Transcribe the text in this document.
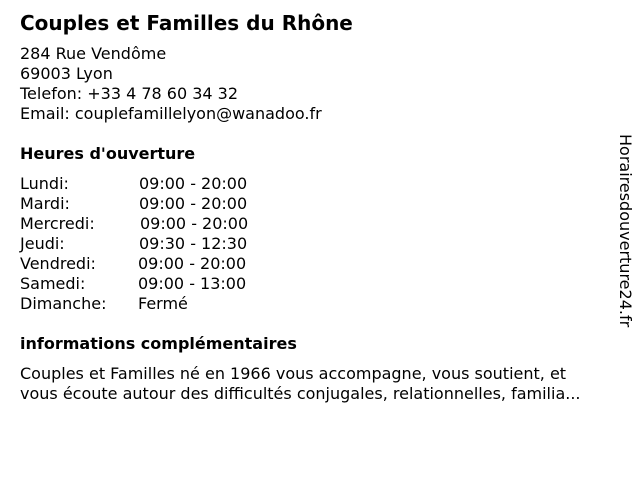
Couples et Familles du Rhône
284 Rue Vendôme
69003 Lyon
Telefon: +33 4 78 60 34 32
Email: couplefamillelyon@wanadoo.fr
Heures d'ouverture
Lundi:	09:00 - 20:00
Mardi:	09:00 - 20:00
Mercredi:	09:00 - 20:00
Jeudi:	09:30 - 12:30
Vendredi:	09:00 - 20:00
Samedi:	09:00 - 13:00
Dimanche: Fermé
informations complémentaires
Couples et Familles né en 1966 vous accompagne, vous soutient, et
vous écoute autour des difficultés conjugales, relationnelles, familia...
Horairesdouverture24.fr
